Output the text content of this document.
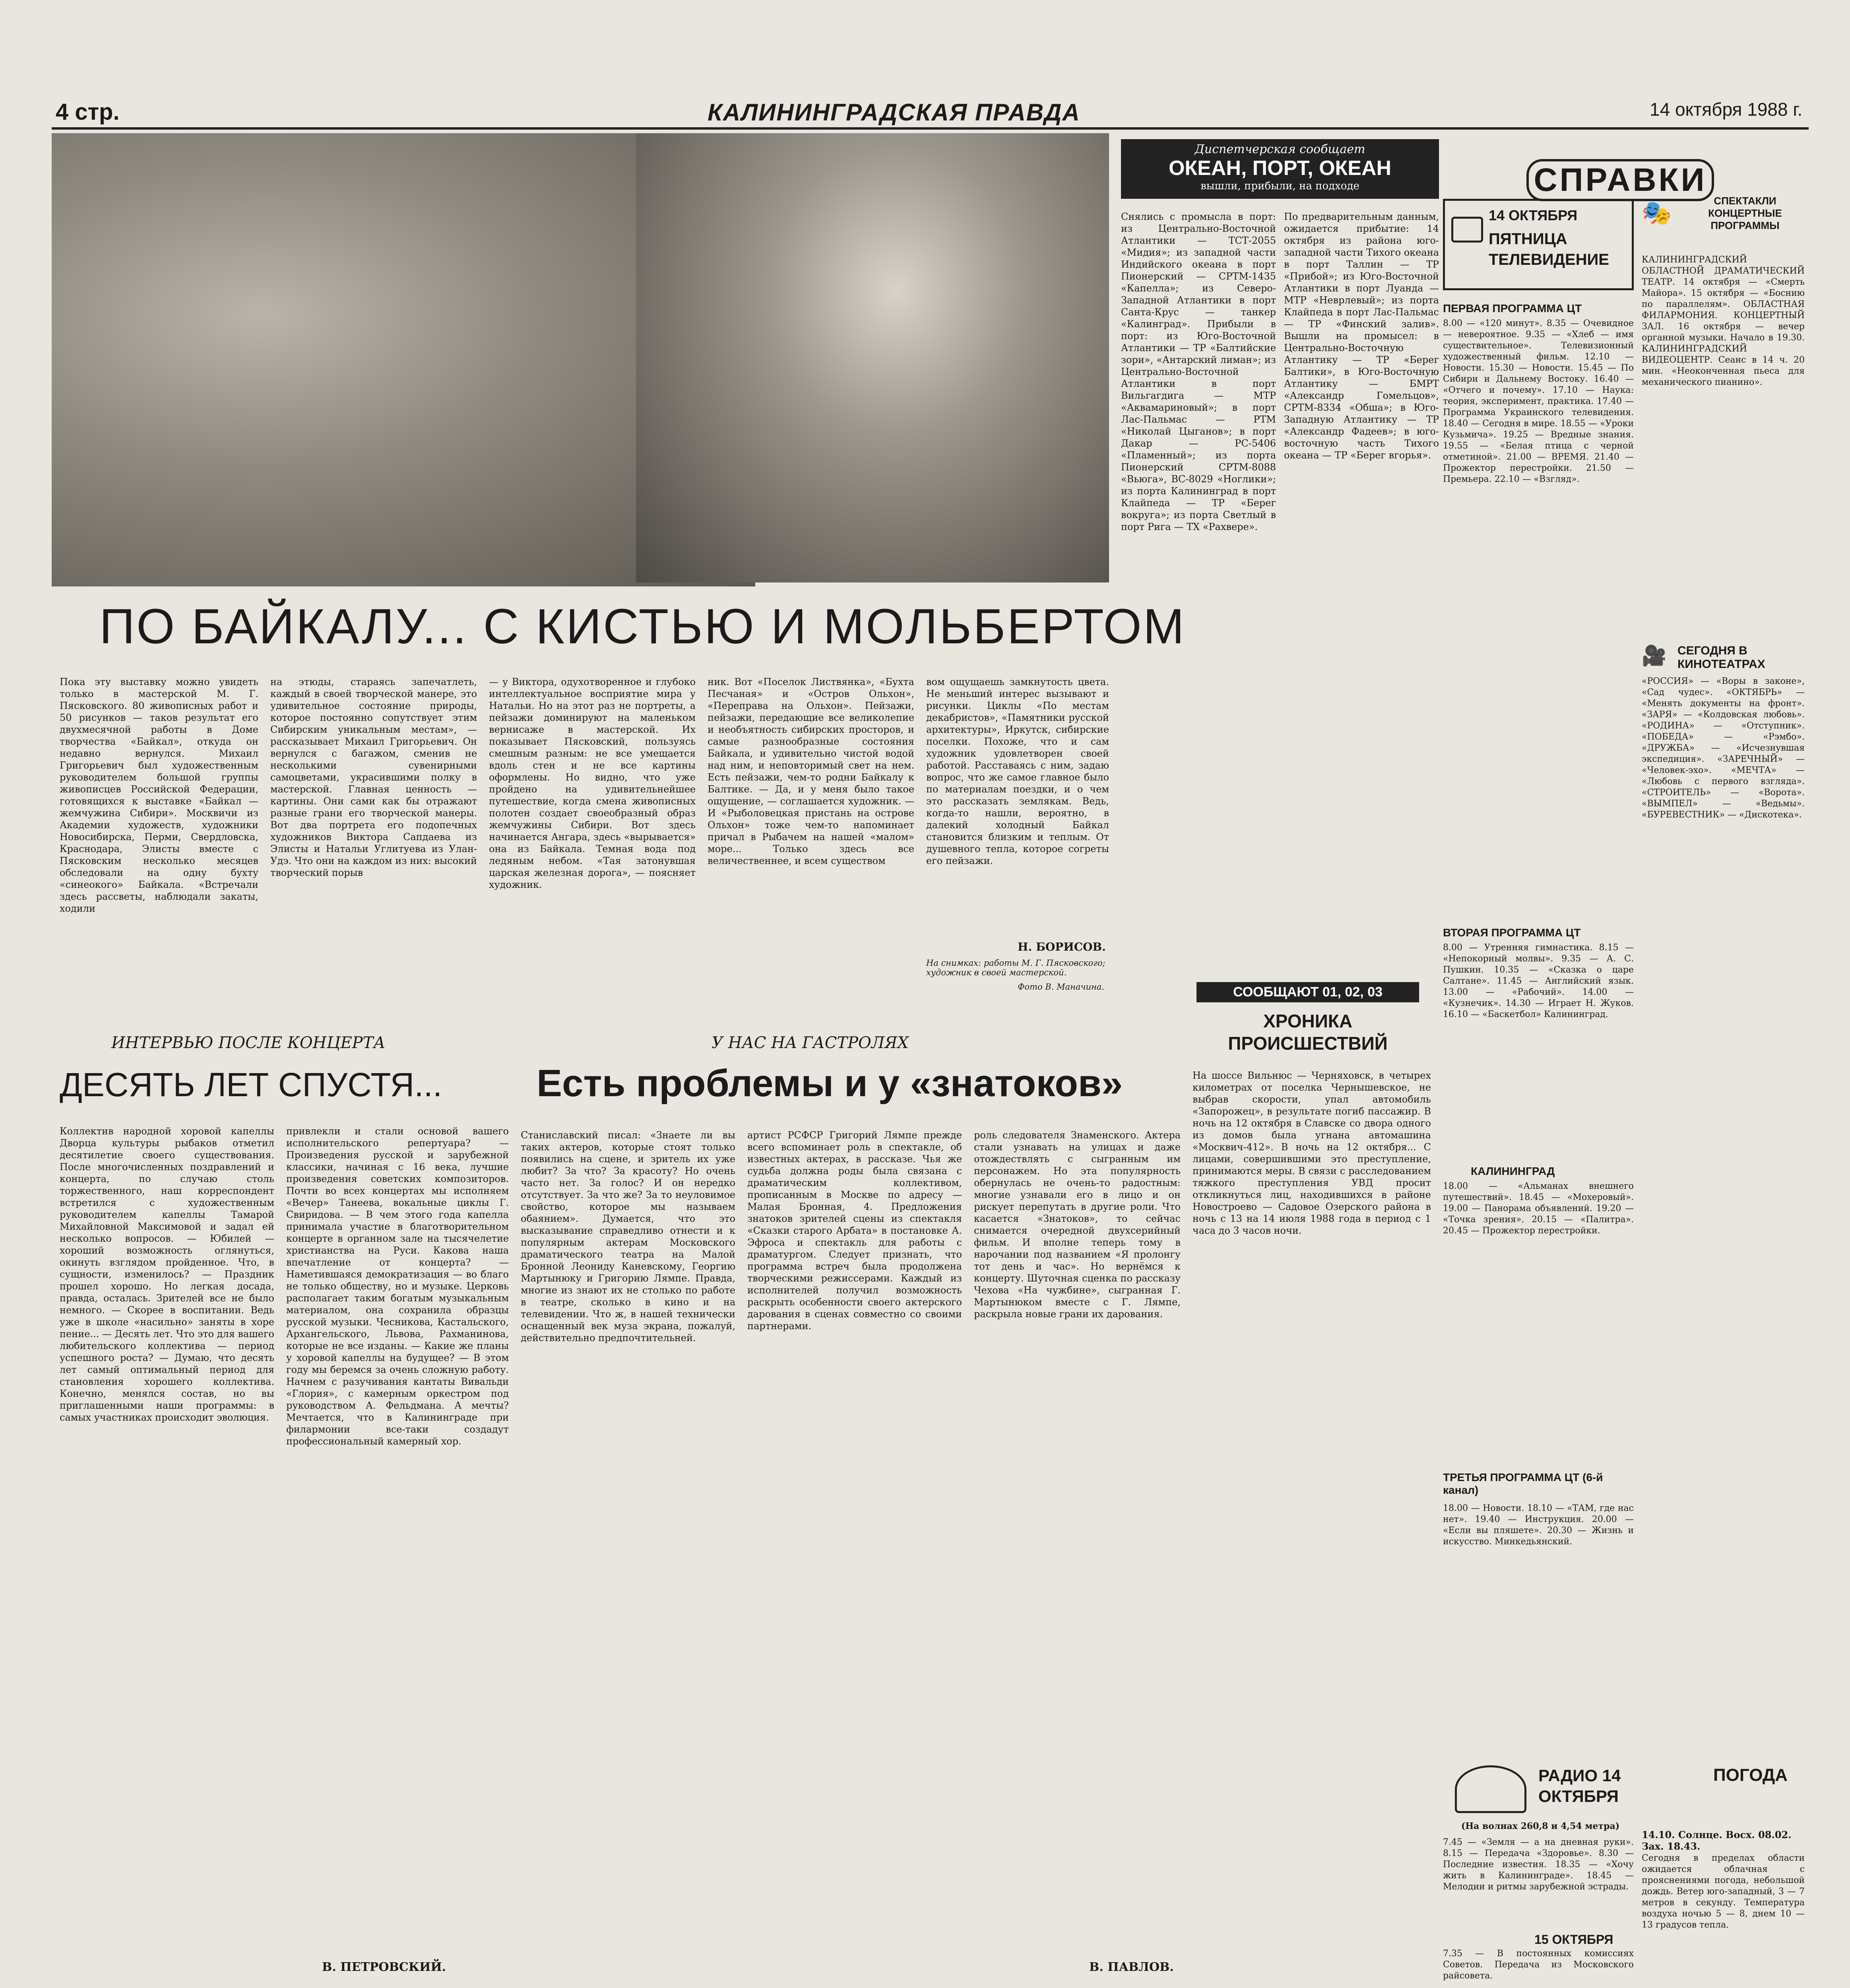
4 стр.	КАЛИНИНГРАДСКАЯ ПРАВДА	14 октября 1988 г.
ПО БАЙКАЛУ... С КИСТЬЮ И МОЛЬБЕРТОМ
Пока эту выставку можно увидеть только в мастерской М. Г. Пясковского. 80 живописных работ и 50 рисунков — таков результат его двухмесячной работы в Доме творчества «Байкал», откуда он недавно вернулся. Михаил Григорьевич был художественным руководителем большой группы живописцев Российской Федерации, готовящихся к выставке «Байкал — жемчужина Сибири». Москвичи из Академии художеств, художники Новосибирска, Перми, Свердловска, Краснодара, Элисты вместе с Пясковским несколько месяцев обследовали на одну бухту «синеокого» Байкала. «Встречали здесь рассветы, наблюдали закаты, ходили
на этюды, стараясь запечатлеть, каждый в своей творческой манере, это удивительное состояние природы, которое постоянно сопутствует этим Сибирским уникальным местам», — рассказывает Михаил Григорьевич. Он вернулся с багажом, сменив не несколькими сувенирными самоцветами, украсившими полку в мастерской. Главная ценность — картины. Они сами как бы отражают разные грани его творческой манеры. Вот два портрета его подопечных художников Виктора Сапдаева из Элисты и Натальи Углитуева из Улан-Удэ. Что они на каждом из них: высокий творческий порыв
— у Виктора, одухотворенное и глубоко интеллектуальное восприятие мира у Натальи. Но на этот раз не портреты, а пейзажи доминируют на маленьком вернисаже в мастерской. Их показывает Пясковский, пользуясь смешным разным: не все умещается вдоль стен и не все картины оформлены. Но видно, что уже пройдено на удивительнейшее путешествие, когда смена живописных полотен создает своеобразный образ жемчужины Сибири. Вот здесь начинается Ангара, здесь «вырывается» она из Байкала. Темная вода под ледяным небом. «Тая затонувшая царская железная дорога», — поясняет художник.
ник. Вот «Поселок Листвянка», «Бухта Песчаная» и «Остров Ольхон», «Переправа на Ольхон». Пейзажи, пейзажи, передающие все великолепие и необъятность сибирских просторов, и самые разнообразные состояния Байкала, и удивительно чистой водой над ним, и неповторимый свет на нем. Есть пейзажи, чем-то родни Байкалу к Балтике. — Да, и у меня было такое ощущение, — соглашается художник. — И «Рыболовецкая пристань на острове Ольхон» тоже чем-то напоминает причал в Рыбачем на нашей «малом» море... Только здесь все величественнее, и всем существом
вом ощущаешь замкнутость цвета. Не меньший интерес вызывают и рисунки. Циклы «По местам декабристов», «Памятники русской архитектуры», Иркутск, сибирские поселки. Похоже, что и сам художник удовлетворен своей работой. Расставаясь с ним, задаю вопрос, что же самое главное было по материалам поездки, и о чем это рассказать землякам. Ведь, когда-то нашли, вероятно, в далекий холодный Байкал становится близким и теплым. От душевного тепла, которое согреты его пейзажи.
Н. БОРИСОВ.
На снимках: работы М. Г. Пясковского; художник в своей мастерской.
Фото В. Маначина.
Диспетчерская сообщает
ОКЕАН, ПОРТ, ОКЕАН
вышли, прибыли, на подходе
Снялись с промысла в порт: из Центрально-Восточной Атлантики — ТСТ-2055 «Мидия»; из западной части Индийского океана в порт Пионерский — СРТМ-1435 «Капелла»; из Северо-Западной Атлантики в порт Санта-Крус — танкер «Калинград». Прибыли в порт: из Юго-Восточной Атлантики — ТР «Балтийские зори», «Антарский лиман»; из Центрально-Восточной Атлантики в порт Вильгагдига — МТР «Аквамариновый»; в порт Лас-Пальмас — РТМ «Николай Цыганов»; в порт Дакар — РС-5406 «Пламенный»; из порта Пионерский СРТМ-8088 «Вьюга», ВС-8029 «Ноглики»; из порта Калининград в порт Клайпеда — ТР «Берег вокруга»; из порта Светлый в порт Рига — ТХ «Рахвере».
По предварительным данным, ожидается прибытие: 14 октября из района юго-западной части Тихого океана в порт Таллин — ТР «Прибой»; из Юго-Восточной Атлантики в порт Луанда — МТР «Неврлевый»; из порта Клайпеда в порт Лас-Пальмас — ТР «Финский залив». Вышли на промысел: в Центрально-Восточную Атлантику — ТР «Берег Балтики», в Юго-Восточную Атлантику — БМРТ «Александр Гомельцов», СРТМ-8334 «Обша»; в Юго-Западную Атлантику — ТР «Александр Фадеев»; в юго-восточную часть Тихого океана — ТР «Берег вгорья».
СООБЩАЮТ 01, 02, 03
ХРОНИКА ПРОИСШЕСТВИЙ
На шоссе Вильнюс — Черняховск, в четырех километрах от поселка Чернышевское, не выбрав скорости, упал автомобиль «Запорожец», в результате погиб пассажир. В ночь на 12 октября в Славске со двора одного из домов была угнана автомашина «Москвич-412». В ночь на 12 октября... С лицами, совершившими это преступление, принимаются меры. В связи с расследованием тяжкого преступления УВД просит откликнуться лиц, находившихся в районе Новостроево — Садовое Озерского района в ночь с 13 на 14 июля 1988 года в период с 1 часа до 3 часов ночи.
ИНТЕРВЬЮ ПОСЛЕ КОНЦЕРТА
ДЕСЯТЬ ЛЕТ СПУСТЯ...
Коллектив народной хоровой капеллы Дворца культуры рыбаков отметил десятилетие своего существования. После многочисленных поздравлений и концерта, по случаю столь торжественного, наш корреспондент встретился с художественным руководителем капеллы Тамарой Михайловной Максимовой и задал ей несколько вопросов. — Юбилей — хороший возможность оглянуться, окинуть взглядом пройденное. Что, в сущности, изменилось? — Праздник прошел хорошо. Но легкая досада, правда, осталась. Зрителей все не было немного. — Скорее в воспитании. Ведь уже в школе «насильно» заняты в хоре пение... — Десять лет. Что это для вашего любительского коллектива — период успешного роста? — Думаю, что десять лет самый оптимальный период для становления хорошего коллектива. Конечно, менялся состав, но вы приглашенными наши программы: в самых участниках происходит эволюция.
привлекли и стали основой вашего исполнительского репертуара? — Произведения русской и зарубежной классики, начиная с 16 века, лучшие произведения советских композиторов. Почти во всех концертах мы исполняем «Вечер» Танеева, вокальные циклы Г. Свиридова. — В чем этого года капелла принимала участие в благотворительном концерте в органном зале на тысячелетие христианства на Руси. Какова наша впечатление от концерта? — Наметившаяся демократизация — во благо не только обществу, но и музыке. Церковь располагает таким богатым музыкальным материалом, она сохранила образцы русской музыки. Чесникова, Кастальского, Архангельского, Львова, Рахманинова, которые не все изданы. — Какие же планы у хоровой капеллы на будущее? — В этом году мы беремся за очень сложную работу. Начнем с разучивания кантаты Вивальди «Глория», с камерным оркестром под руководством А. Фельдмана. А мечты? Мечтается, что в Калининграде при филармонии все-таки создадут профессиональный камерный хор.
В. ПЕТРОВСКИЙ.
У НАС НА ГАСТРОЛЯХ
Есть проблемы и у «знатоков»
Станиславский писал: «Знаете ли вы таких актеров, которые стоят только появились на сцене, и зритель их уже любит? За что? За красоту? Но очень часто нет. За голос? И он нередко отсутствует. За что же? За то неуловимое свойство, которое мы называем обаянием». Думается, что это высказывание справедливо отнести и к популярным актерам Московского драматического театра на Малой Бронной Леониду Каневскому, Георгию Мартынюку и Григорию Лямпе. Правда, многие из знают их не столько по работе в театре, сколько в кино и на телевидении. Что ж, в нашей технически оснащенный век муза экрана, пожалуй, действительно предпочтительней.
артист РСФСР Григорий Лямпе прежде всего вспоминает роль в спектакле, об известных актерах, в рассказе. Чья же судьба должна роды была связана с драматическим коллективом, прописанным в Москве по адресу — Малая Бронная, 4. Предложения знатоков зрителей сцены из спектакля «Сказки старого Арбата» в постановке А. Эфроса и спектакль для работы с драматургом. Следует признать, что программа встреч была продолжена творческими режиссерами. Каждый из исполнителей получил возможность раскрыть особенности своего актерского дарования в сценах совместно со своими партнерами.
роль следователя Знаменского. Актера стали узнавать на улицах и даже отождествлять с сыгранным им персонажем. Но эта популярность обернулась не очень-то радостным: многие узнавали его в лицо и он рискует перепутать в другие роли. Что касается «Знатоков», то сейчас снимается очередной двухсерийный фильм. И вполне теперь тому в нарочании под названием «Я пролонгу тот день и час». Но вернёмся к концерту. Шуточная сценка по рассказу Чехова «На чужбине», сыгранная Г. Мартынюком вместе с Г. Лямпе, раскрыла новые грани их дарования.
В. ПАВЛОВ.
14 ОКТЯБРЯ
ПЯТНИЦА ТЕЛЕВИДЕНИЕ
ПЕРВАЯ ПРОГРАММА ЦТ
8.00 — «120 минут». 8.35 — Очевидное — невероятное. 9.35 — «Хлеб — имя существительное». Телевизионный художественный фильм. 12.10 — Новости. 15.30 — Новости. 15.45 — По Сибири и Дальнему Востоку. 16.40 — «Отчего и почему». 17.10 — Наука: теория, эксперимент, практика. 17.40 — Программа Украинского телевидения. 18.40 — Сегодня в мире. 18.55 — «Уроки Кузьмича». 19.25 — Вредные знания. 19.55 — «Белая птица с черной отметиной». 21.00 — ВРЕМЯ. 21.40 — Прожектор перестройки. 21.50 — Премьера. 22.10 — «Взгляд».
ВТОРАЯ ПРОГРАММА ЦТ
8.00 — Утренняя гимнастика. 8.15 — «Непокорный молвы». 9.35 — А. С. Пушкин. 10.35 — «Сказка о царе Салтане». 11.45 — Английский язык. 13.00 — «Рабочий». 14.00 — «Кузнечик». 14.30 — Играет Н. Жуков. 16.10 — «Баскетбол» Калининград.
КАЛИНИНГРАД
18.00 — «Альманах внешнего путешествий». 18.45 — «Мохеровый». 19.00 — Панорама объявлений. 19.20 — «Точка зрения». 20.15 — «Палитра». 20.45 — Прожектор перестройки.
ТРЕТЬЯ ПРОГРАММА ЦТ (6-й канал)
18.00 — Новости. 18.10 — «ТАМ, где нас нет». 19.40 — Инструкция. 20.00 — «Если вы пляшете». 20.30 — Жизнь и искусство. Минкедьянский.
РАДИО 14 ОКТЯБРЯ
(На волнах 260,8 и 4,54 метра)
7.45 — «Земля — а на дневная руки». 8.15 — Передача «Здоровье». 8.30 — Последние известия. 18.35 — «Хочу жить в Калининграде». 18.45 — Мелодии и ритмы зарубежной эстрады.
15 ОКТЯБРЯ
7.35 — В постоянных комиссиях Советов. Передача из Московского райсовета.
СПРАВКИ
🎭	СПЕКТАКЛИ КОНЦЕРТНЫЕ ПРОГРАММЫ
КАЛИНИНГРАДСКИЙ ОБЛАСТНОЙ ДРАМАТИЧЕСКИЙ ТЕАТР. 14 октября — «Смерть Майора». 15 октября — «Боснию по параллелям». ОБЛАСТНАЯ ФИЛАРМОНИЯ. КОНЦЕРТНЫЙ ЗАЛ. 16 октября — вечер органной музыки. Начало в 19.30. КАЛИНИНГРАДСКИЙ ВИДЕОЦЕНТР. Сеанс в 14 ч. 20 мин. «Неоконченная пьеса для механического пианино».
🎥 СЕГОДНЯ В КИНОТЕАТРАХ
«РОССИЯ» — «Воры в законе», «Сад чудес». «ОКТЯБРЬ» — «Менять документы на фронт». «ЗАРЯ» — «Колдовская любовь». «РОДИНА» — «Отступник». «ПОБЕДА» — «Рэмбо». «ДРУЖБА» — «Исчезнувшая экспедиция». «ЗАРЕЧНЫЙ» — «Человек-эхо». «МЕЧТА» — «Любовь с первого взгляда». «СТРОИТЕЛЬ» — «Ворота». «ВЫМПЕЛ» — «Ведьмы». «БУРЕВЕСТНИК» — «Дискотека».
ПОГОДА
14.10. Солнце. Восх. 08.02. Зах. 18.43.
Сегодня в пределах области ожидается облачная с прояснениями погода, небольшой дождь. Ветер юго-западный, 3 — 7 метров в секунду. Температура воздуха ночью 5 — 8, днем 10 — 13 градусов тепла.
